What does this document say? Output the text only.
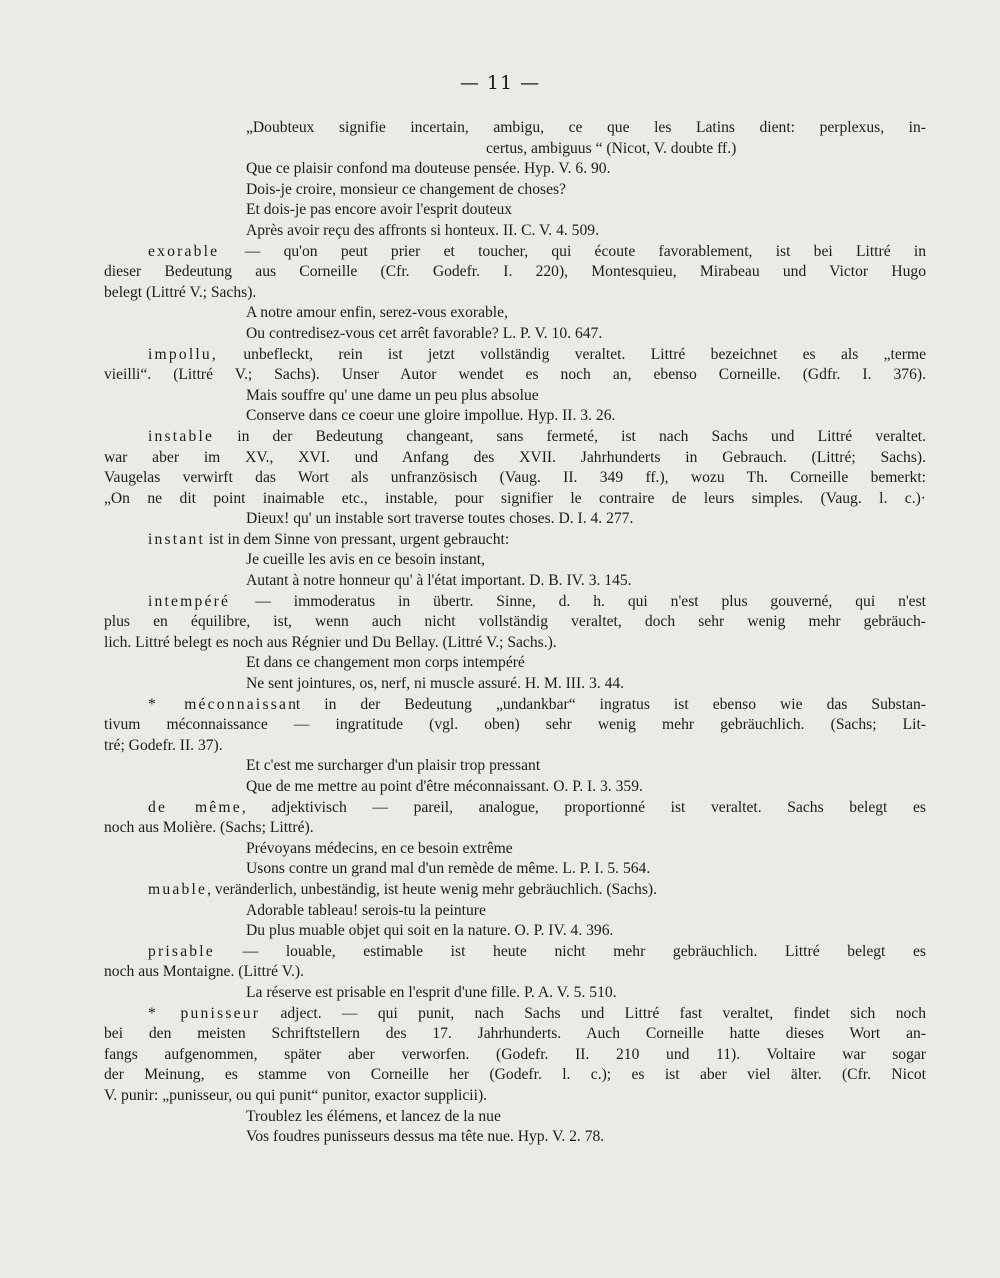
— 11 —
„Doubteux signifie incertain, ambigu, ce que les Latins dient: perplexus, in-
certus, ambiguus “ (Nicot, V. doubte ff.)
Que ce plaisir confond ma douteuse pensée. Hyp. V. 6. 90.
Dois-je croire, monsieur ce changement de choses?
Et dois-je pas encore avoir l'esprit douteux
Après avoir reçu des affronts si honteux. II. C. V. 4. 509.
exorable — qu'on peut prier et toucher, qui écoute favorablement, ist bei Littré in
dieser Bedeutung aus Corneille (Cfr. Godefr. I. 220), Montesquieu, Mirabeau und Victor Hugo
belegt (Littré V.; Sachs).
A notre amour enfin, serez-vous exorable,
Ou contredisez-vous cet arrêt favorable? L. P. V. 10. 647.
impollu, unbefleckt, rein ist jetzt vollständig veraltet. Littré bezeichnet es als „terme
vieilli“. (Littré V.; Sachs). Unser Autor wendet es noch an, ebenso Corneille. (Gdfr. I. 376).
Mais souffre qu' une dame un peu plus absolue
Conserve dans ce coeur une gloire impollue. Hyp. II. 3. 26.
instable in der Bedeutung changeant, sans fermeté, ist nach Sachs und Littré veraltet.
war aber im XV., XVI. und Anfang des XVII. Jahrhunderts in Gebrauch. (Littré; Sachs).
Vaugelas verwirft das Wort als unfranzösisch (Vaug. II. 349 ff.), wozu Th. Corneille bemerkt:
„On ne dit point inaimable etc., instable, pour signifier le contraire de leurs simples. (Vaug. l. c.)·
Dieux! qu' un instable sort traverse toutes choses. D. I. 4. 277.
instant ist in dem Sinne von pressant, urgent gebraucht:
Je cueille les avis en ce besoin instant,
Autant à notre honneur qu' à l'état important. D. B. IV. 3. 145.
intempéré — immoderatus in übertr. Sinne, d. h. qui n'est plus gouverné, qui n'est
plus en équilibre, ist, wenn auch nicht vollständig veraltet, doch sehr wenig mehr gebräuch-
lich. Littré belegt es noch aus Régnier und Du Bellay. (Littré V.; Sachs.).
Et dans ce changement mon corps intempéré
Ne sent jointures, os, nerf, ni muscle assuré. H. M. III. 3. 44.
* méconnaissant in der Bedeutung „undankbar“ ingratus ist ebenso wie das Substan-
tivum méconnaissance — ingratitude (vgl. oben) sehr wenig mehr gebräuchlich. (Sachs; Lit-
tré; Godefr. II. 37).
Et c'est me surcharger d'un plaisir trop pressant
Que de me mettre au point d'être méconnaissant. O. P. I. 3. 359.
de même, adjektivisch — pareil, analogue, proportionné ist veraltet. Sachs belegt es
noch aus Molière. (Sachs; Littré).
Prévoyans médecins, en ce besoin extrême
Usons contre un grand mal d'un remède de même. L. P. I. 5. 564.
muable, veränderlich, unbeständig, ist heute wenig mehr gebräuchlich. (Sachs).
Adorable tableau! serois-tu la peinture
Du plus muable objet qui soit en la nature. O. P. IV. 4. 396.
prisable — louable, estimable ist heute nicht mehr gebräuchlich. Littré belegt es
noch aus Montaigne. (Littré V.).
La réserve est prisable en l'esprit d'une fille. P. A. V. 5. 510.
* punisseur adject. — qui punit, nach Sachs und Littré fast veraltet, findet sich noch
bei den meisten Schriftstellern des 17. Jahrhunderts. Auch Corneille hatte dieses Wort an-
fangs aufgenommen, später aber verworfen. (Godefr. II. 210 und 11). Voltaire war sogar
der Meinung, es stamme von Corneille her (Godefr. l. c.); es ist aber viel älter. (Cfr. Nicot
V. punir: „punisseur, ou qui punit“ punitor, exactor supplicii).
Troublez les élémens, et lancez de la nue
Vos foudres punisseurs dessus ma tête nue. Hyp. V. 2. 78.
